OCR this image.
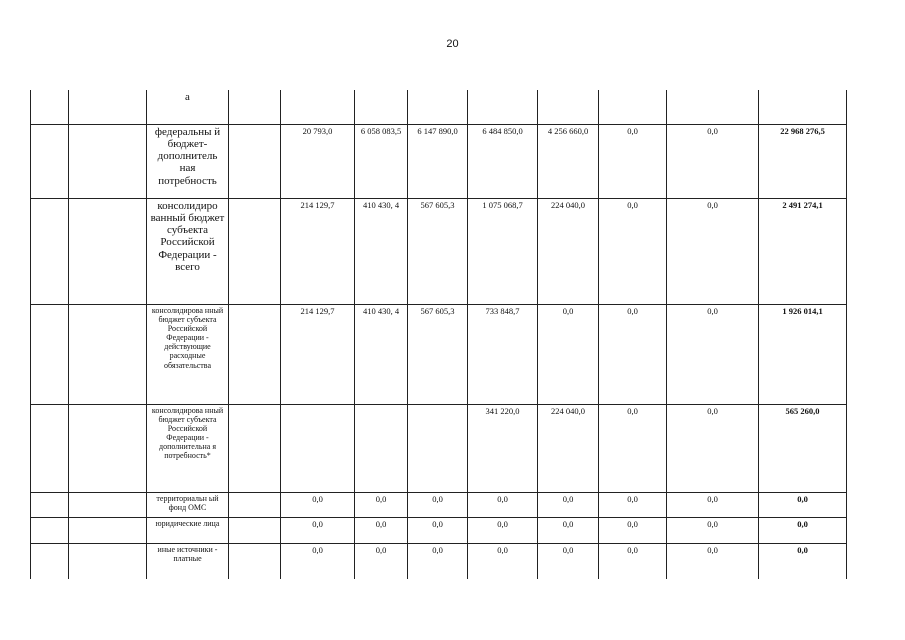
20
		а									
		федеральны й бюджет- дополнитель ная потребность		20 793,0	6 058 083,5	6 147 890,0	6 484 850,0	4 256 660,0	0,0	0,0	22 968 276,5
		консолидиро ванный бюджет субъекта Российской Федерации - всего		214 129,7	410 430, 4	567 605,3	1 075 068,7	224 040,0	0,0	0,0	2 491 274,1
		консолидирова нный бюджет субъекта Российской Федерации - действующие расходные обязательства		214 129,7	410 430, 4	567 605,3	733 848,7	0,0	0,0	0,0	1 926 014,1
		консолидирова нный бюджет субъекта Российской Федерации - дополнительна я потребность*					341 220,0	224 040,0	0,0	0,0	565 260,0
		территориальн ый фонд ОМС		0,0	0,0	0,0	0,0	0,0	0,0	0,0	0,0
		юридические лица		0,0	0,0	0,0	0,0	0,0	0,0	0,0	0,0
		иные источники - платные		0,0	0,0	0,0	0,0	0,0	0,0	0,0	0,0
